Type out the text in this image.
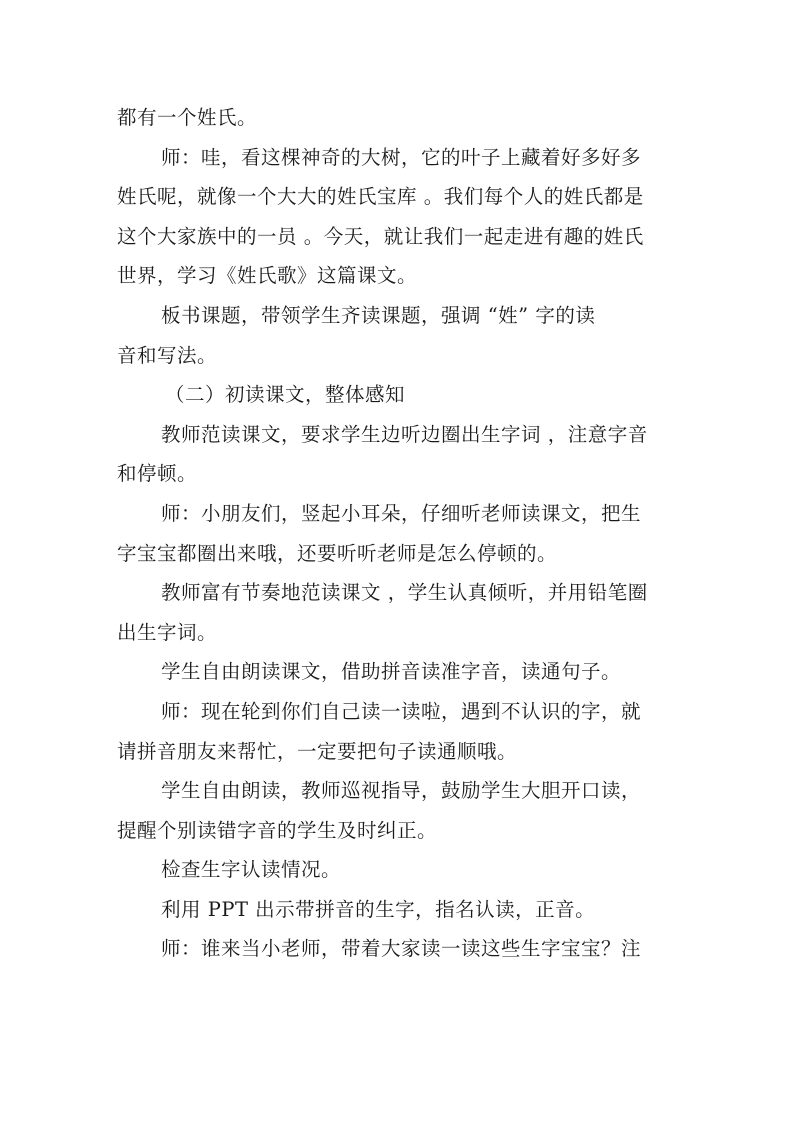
都有一个姓氏。
师：哇，看这棵神奇的大树，它的叶子上藏着好多好多
姓氏呢，就像一个大大的姓氏宝库 。我们每个人的姓氏都是
这个大家族中的一员 。今天，就让我们一起走进有趣的姓氏
世界，学习《姓氏歌》这篇课文。
板书课题，带领学生齐读课题，强调 “姓” 字的读
音和写法。
（二）初读课文，整体感知
教师范读课文，要求学生边听边圈出生字词 ，注意字音
和停顿。
师：小朋友们，竖起小耳朵，仔细听老师读课文，把生
字宝宝都圈出来哦，还要听听老师是怎么停顿的。
教师富有节奏地范读课文 ，学生认真倾听，并用铅笔圈
出生字词。
学生自由朗读课文，借助拼音读准字音，读通句子。
师：现在轮到你们自己读一读啦，遇到不认识的字，就
请拼音朋友来帮忙，一定要把句子读通顺哦。
学生自由朗读，教师巡视指导，鼓励学生大胆开口读，
提醒个别读错字音的学生及时纠正。
检查生字认读情况。
利用 PPT 出示带拼音的生字，指名认读，正音。
师：谁来当小老师，带着大家读一读这些生字宝宝？注
